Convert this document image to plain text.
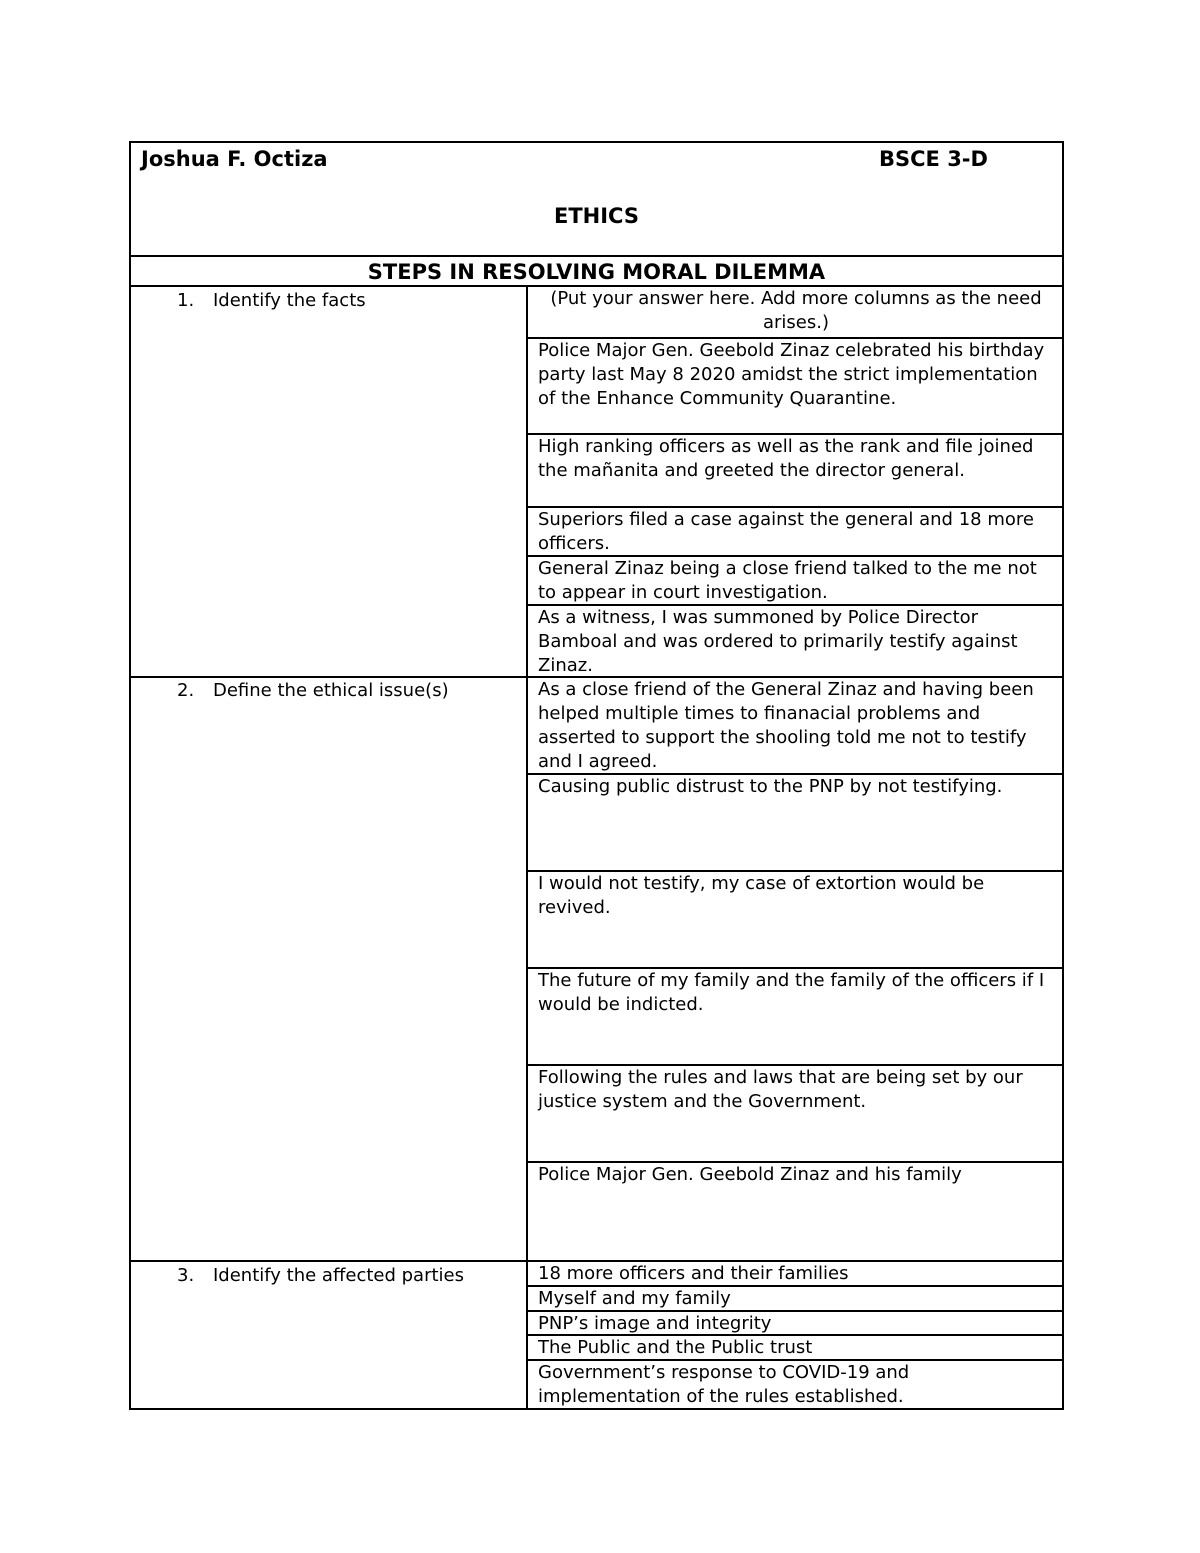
Joshua F. Octiza	BSCE 3-D
ETHICS
STEPS IN RESOLVING MORAL DILEMMA
1. Identify the facts	(Put your answer here. Add more columns as the need arises.)
Police Major Gen. Geebold Zinaz celebrated his birthday party last May 8 2020 amidst the strict implementation of the Enhance Community Quarantine.
High ranking officers as well as the rank and file joined the mañanita and greeted the director general.
Superiors filed a case against the general and 18 more officers.
General Zinaz being a close friend talked to the me not to appear in court investigation.
As a witness, I was summoned by Police Director Bamboal and was ordered to primarily testify against Zinaz.
2. Define the ethical issue(s)	As a close friend of the General Zinaz and having been helped multiple times to finanacial problems and asserted to support the shooling told me not to testify and I agreed.
Causing public distrust to the PNP by not testifying.
I would not testify, my case of extortion would be revived.
The future of my family and the family of the officers if I would be indicted.
Following the rules and laws that are being set by our justice system and the Government.
Police Major Gen. Geebold Zinaz and his family
3. Identify the affected parties	18 more officers and their families
Myself and my family
PNP’s image and integrity
The Public and the Public trust
Government’s response to COVID-19 and implementation of the rules established.
